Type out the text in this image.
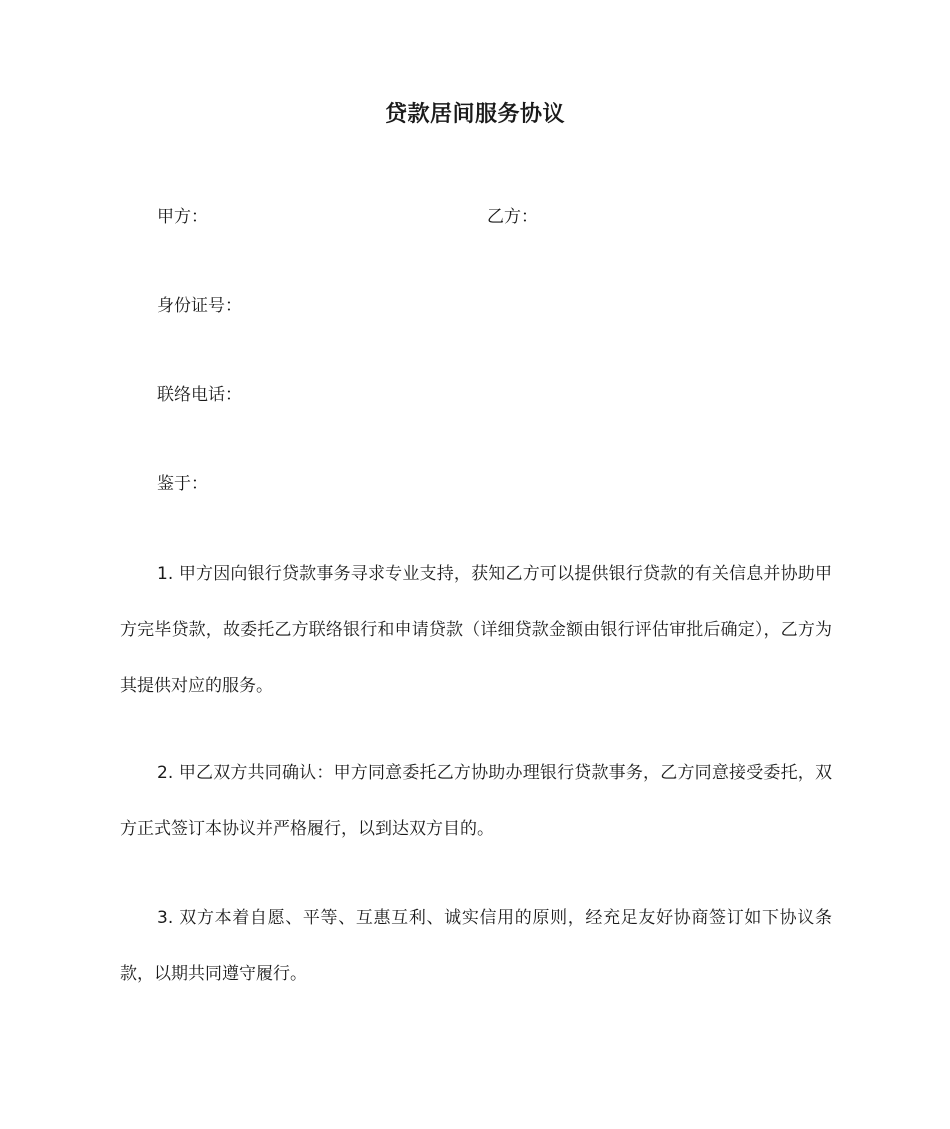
贷款居间服务协议
甲方：	乙方：
身份证号：
联络电话：
鉴于：
1. 甲方因向银行贷款事务寻求专业支持，获知乙方可以提供银行贷款的有关信息并协助甲方完毕贷款，故委托乙方联络银行和申请贷款（详细贷款金额由银行评估审批后确定），乙方为其提供对应的服务。
2. 甲乙双方共同确认：甲方同意委托乙方协助办理银行贷款事务，乙方同意接受委托，双方正式签订本协议并严格履行，以到达双方目的。
3. 双方本着自愿、平等、互惠互利、诚实信用的原则，经充足友好协商签订如下协议条款，以期共同遵守履行。
